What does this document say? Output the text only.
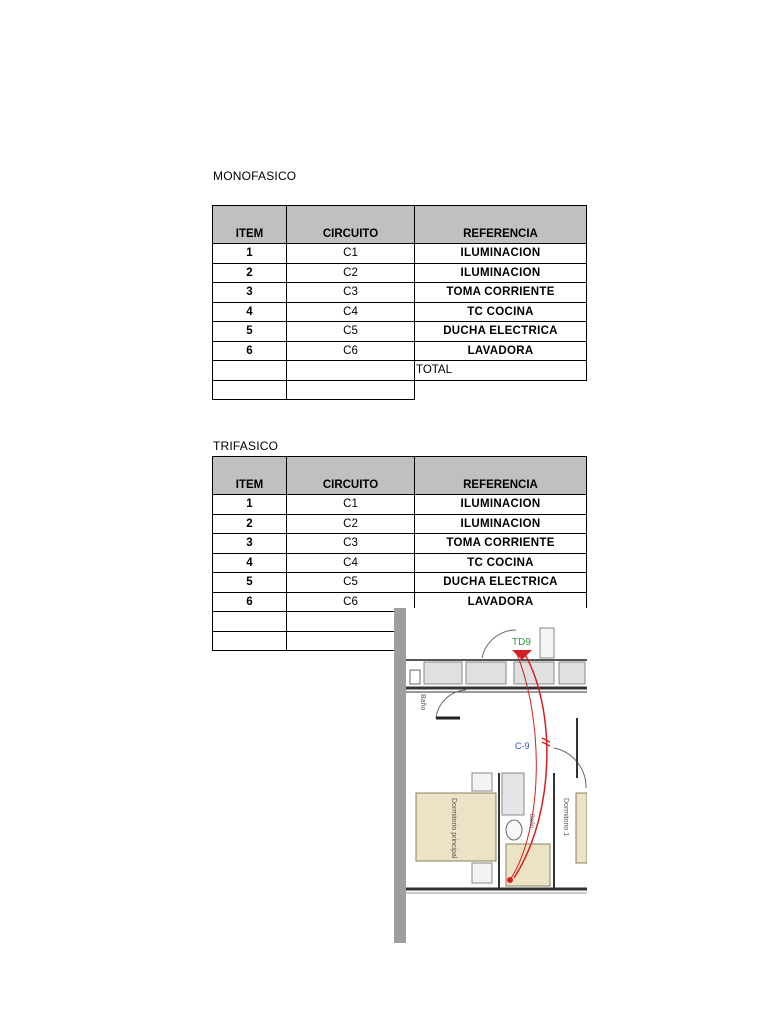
MONOFASICO
ITEM	CIRCUITO	REFERENCIA
1	C1	ILUMINACION
2	C2	ILUMINACION
3	C3	TOMA CORRIENTE
4	C4	TC COCINA
5	C5	DUCHA ELECTRICA
6	C6	LAVADORA
		TOTAL

TRIFASICO
ITEM	CIRCUITO	REFERENCIA
1	C1	ILUMINACION
2	C2	ILUMINACION
3	C3	TOMA CORRIENTE
4	C4	TC COCINA
5	C5	DUCHA ELECTRICA
6	C6	LAVADORA

TD9
C-9
Baño
Dormitorio principal	Dormitorio 1
Baño
